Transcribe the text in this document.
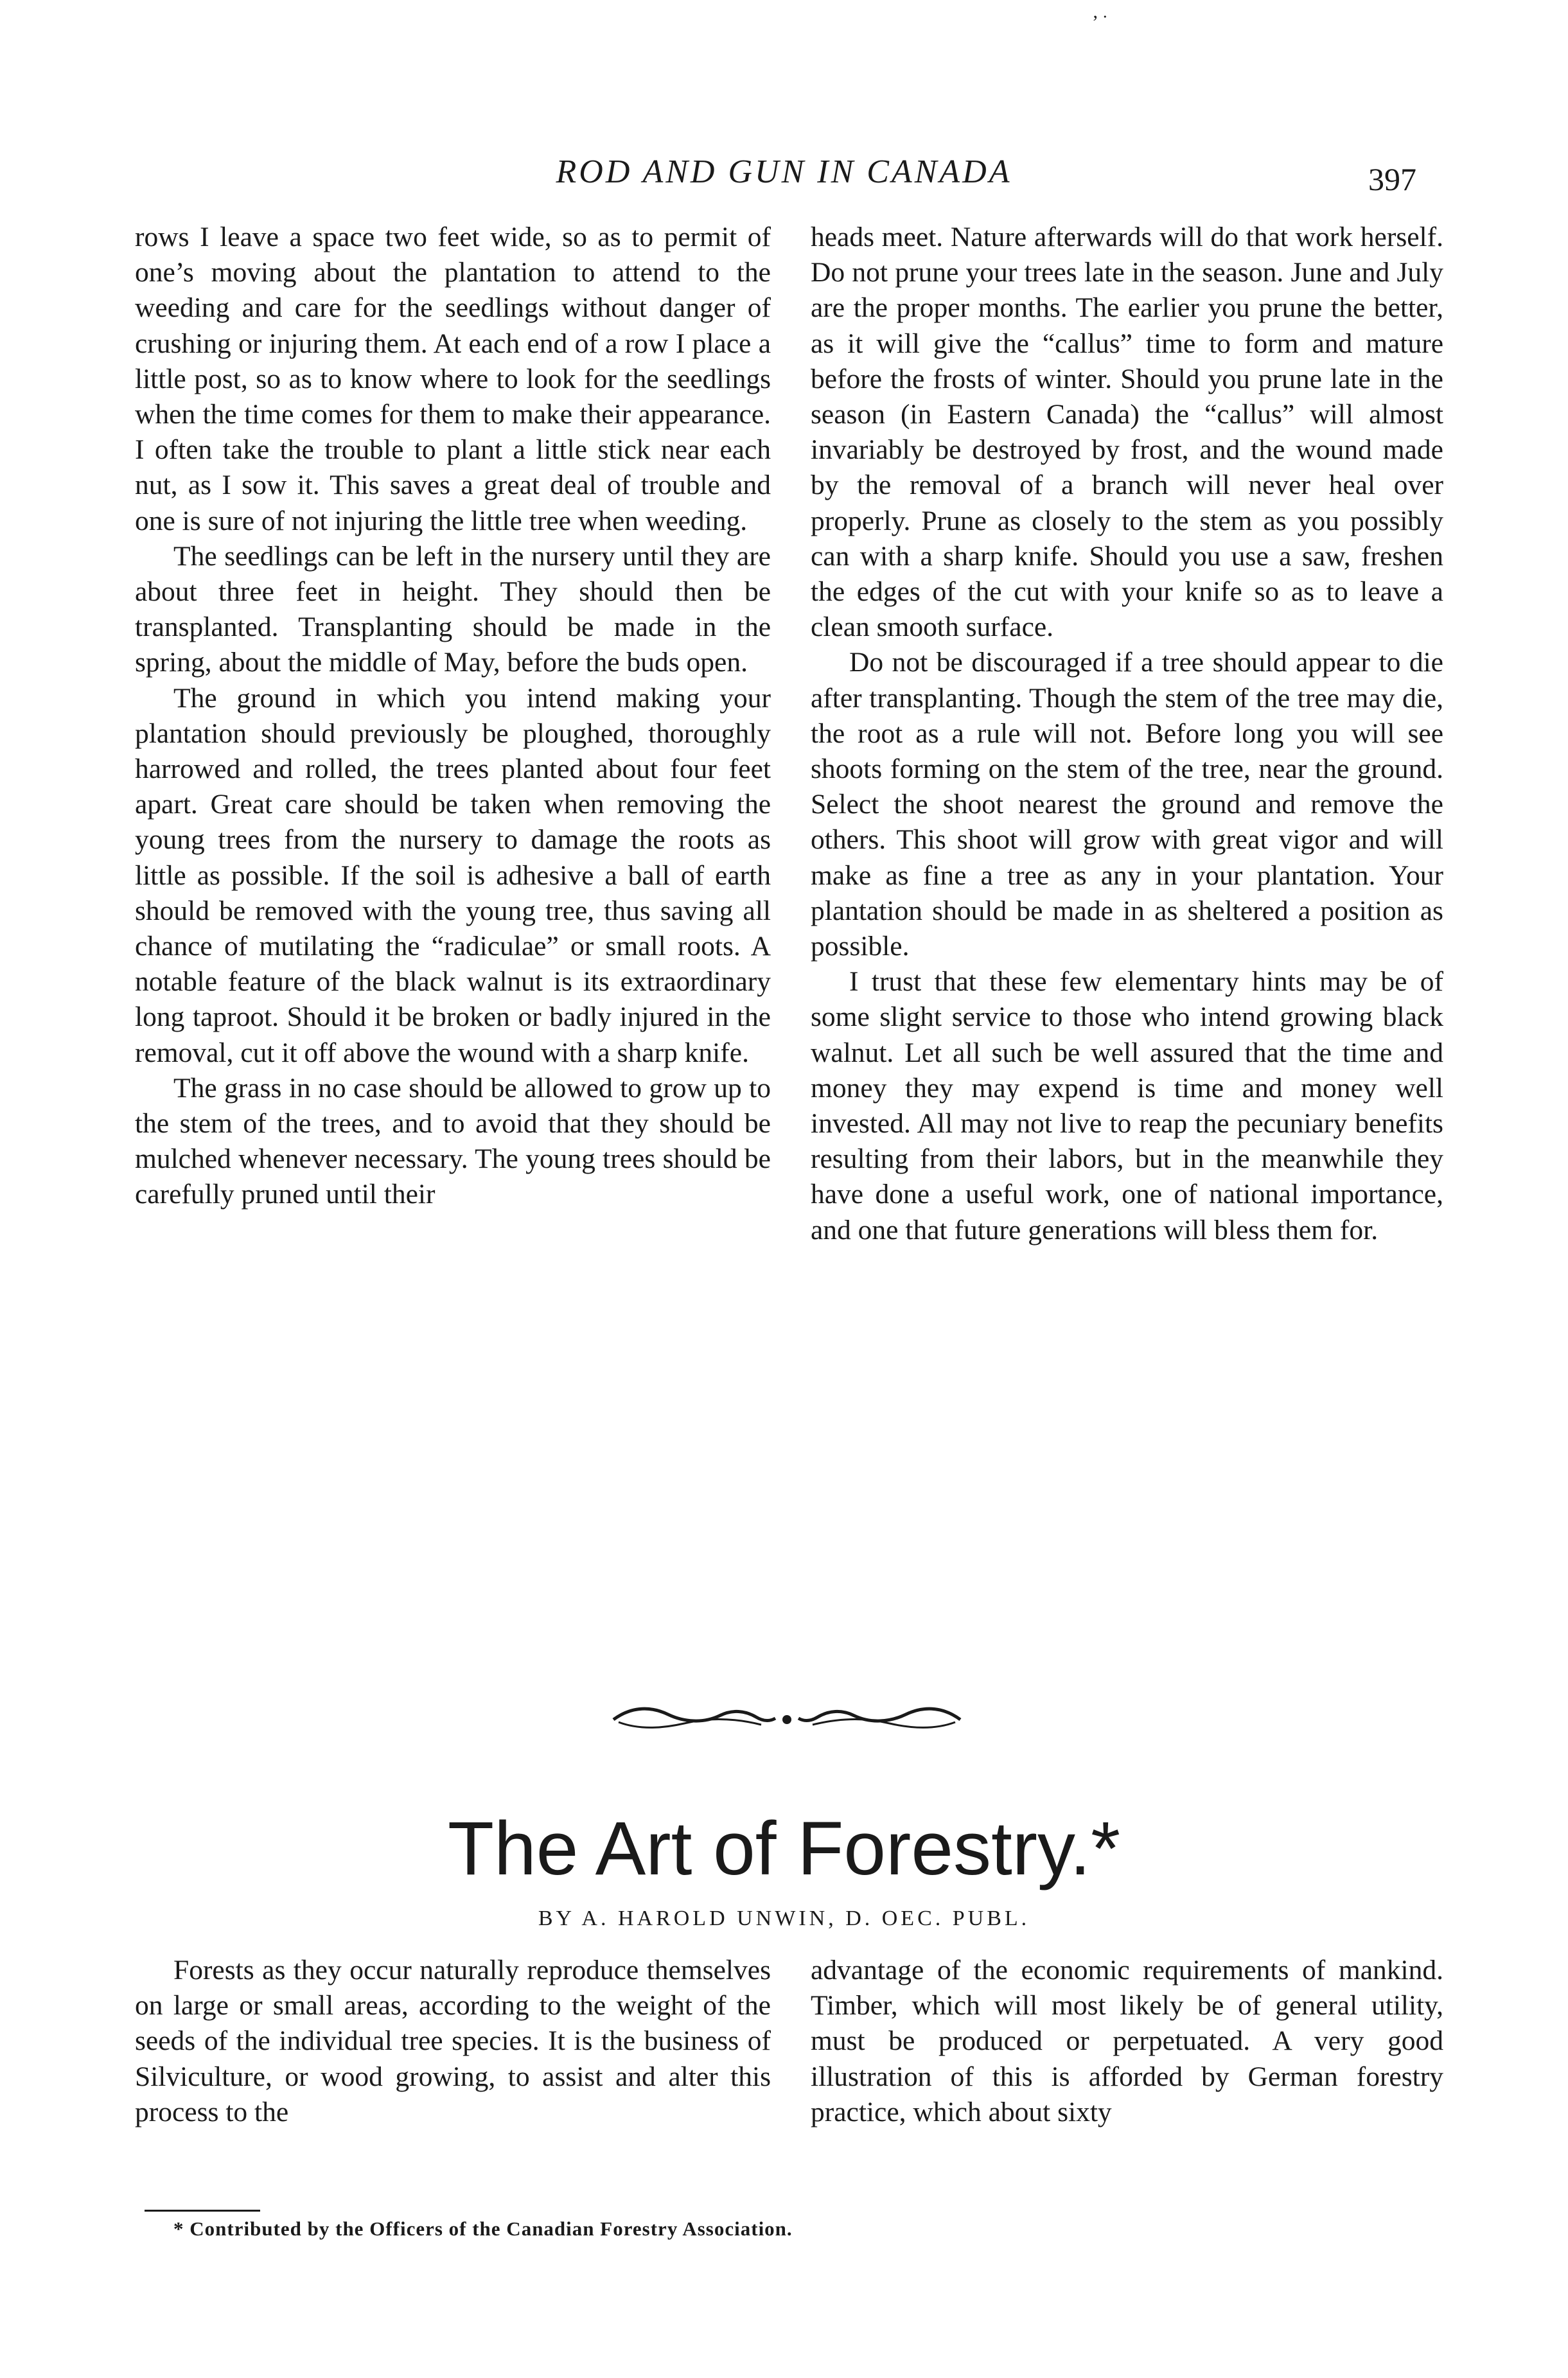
’ ˙
ROD AND GUN IN CANADA	397

rows I leave a space two feet wide, so as to permit of one’s moving about the plantation to attend to the weeding and care for the seedlings without danger of crushing or injuring them. At each end of a row I place a little post, so as to know where to look for the seedlings when the time comes for them to make their appearance. I often take the trouble to plant a little stick near each nut, as I sow it. This saves a great deal of trouble and one is sure of not injuring the little tree when weeding.

The seedlings can be left in the nursery until they are about three feet in height. They should then be transplanted. Transplanting should be made in the spring, about the middle of May, before the buds open.

The ground in which you intend making your plantation should previously be ploughed, thoroughly harrowed and rolled, the trees planted about four feet apart. Great care should be taken when removing the young trees from the nursery to damage the roots as little as possible. If the soil is adhesive a ball of earth should be removed with the young tree, thus saving all chance of mutilating the “radiculae” or small roots. A notable feature of the black walnut is its extraordinary long taproot. Should it be broken or badly injured in the removal, cut it off above the wound with a sharp knife.

The grass in no case should be allowed to grow up to the stem of the trees, and to avoid that they should be mulched whenever necessary. The young trees should be carefully pruned until their

heads meet. Nature afterwards will do that work herself. Do not prune your trees late in the season. June and July are the proper months. The earlier you prune the better, as it will give the “callus” time to form and mature before the frosts of winter. Should you prune late in the season (in Eastern Canada) the “callus” will almost invariably be destroyed by frost, and the wound made by the removal of a branch will never heal over properly. Prune as closely to the stem as you possibly can with a sharp knife. Should you use a saw, freshen the edges of the cut with your knife so as to leave a clean smooth surface.

Do not be discouraged if a tree should appear to die after transplanting. Though the stem of the tree may die, the root as a rule will not. Before long you will see shoots forming on the stem of the tree, near the ground. Select the shoot nearest the ground and remove the others. This shoot will grow with great vigor and will make as fine a tree as any in your plantation. Your plantation should be made in as sheltered a position as possible.

I trust that these few elementary hints may be of some slight service to those who intend growing black walnut. Let all such be well assured that the time and money they may expend is time and money well invested. All may not live to reap the pecuniary benefits resulting from their labors, but in the meanwhile they have done a useful work, one of national importance, and one that future generations will bless them for.

The Art of Forestry.*
BY A. HAROLD UNWIN, D. OEC. PUBL.

Forests as they occur naturally reproduce themselves on large or small areas, according to the weight of the seeds of the individual tree species. It is the business of Silviculture, or wood growing, to assist and alter this process to the

advantage of the economic requirements of mankind. Timber, which will most likely be of general utility, must be produced or perpetuated. A very good illustration of this is afforded by German forestry practice, which about sixty

* Contributed by the Officers of the Canadian Forestry Association.
